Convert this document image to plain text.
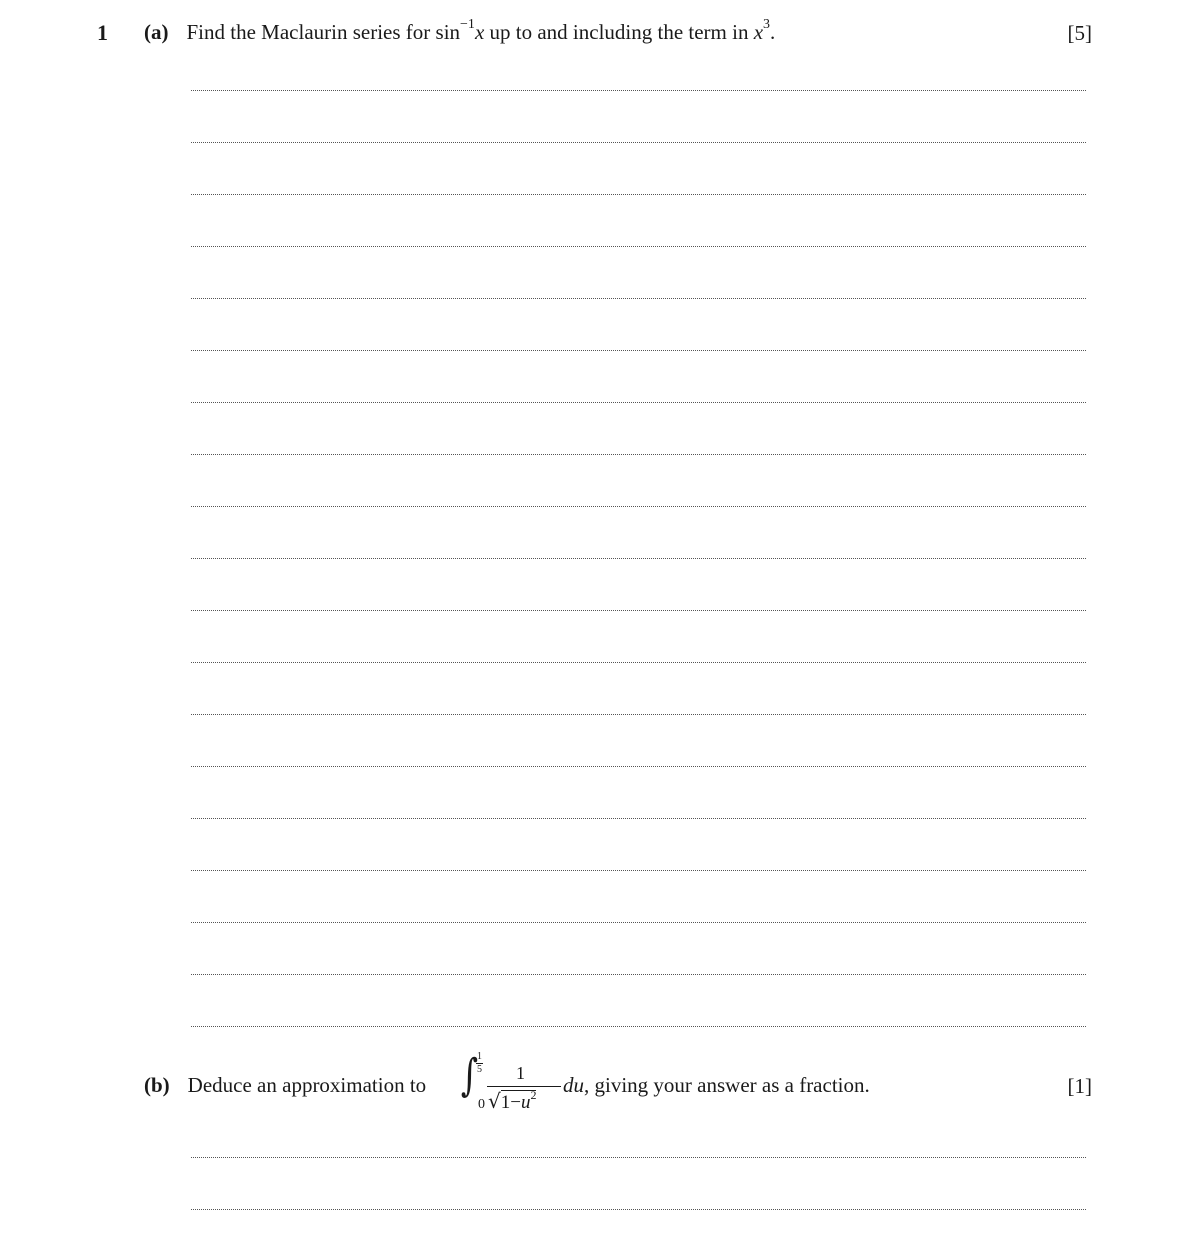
1 (a) Find the Maclaurin series for $\sin^{-1}x$ up to and including the term in $x^3$.	[5]
(b) Deduce an approximation to ∫
1
5
0
1
$√1-u^2$ du, giving your answer as a fraction.	[1]
